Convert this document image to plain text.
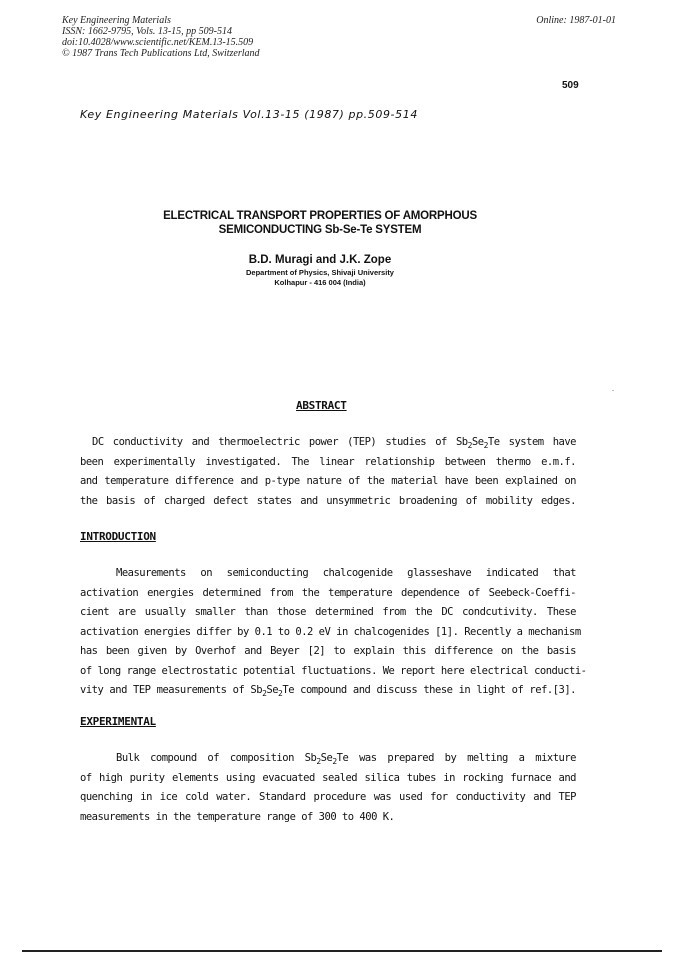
Key Engineering Materials
ISSN: 1662-9795, Vols. 13-15, pp 509-514
doi:10.4028/www.scientific.net/KEM.13-15.509
© 1987 Trans Tech Publications Ltd, Switzerland
Online: 1987-01-01
509
Key Engineering Materials Vol.13-15 (1987) pp.509-514
ELECTRICAL TRANSPORT PROPERTIES OF AMORPHOUS
SEMICONDUCTING Sb-Se-Te SYSTEM
B.D. Muragi and J.K. Zope
Department of Physics, Shivaji University
Kolhapur - 416 004 (India)
ABSTRACT
DC conductivity and thermoelectric power (TEP) studies of $Sb_2Se_2Te$ system have
been experimentally investigated. The linear relationship between thermo e.m.f.
and temperature difference and p-type nature of the material have been explained on
the basis of charged defect states and unsymmetric broadening of mobility edges.
INTRODUCTION
Measurements on semiconducting chalcogenide glasseshave indicated that
activation energies determined from the temperature dependence of Seebeck-Coeffi-
cient are usually smaller than those determined from the DC condcutivity. These
activation energies differ by 0.1 to 0.2 eV in chalcogenides [1]. Recently a mechanism
has been given by Overhof and Beyer [2] to explain this difference on the basis
of long range electrostatic potential fluctuations. We report here electrical conducti-
vity and TEP measurements of $Sb_2Se_2Te$ compound and discuss these in light of ref.[3].
EXPERIMENTAL
Bulk compound of composition $Sb_2Se_2Te$ was prepared by melting a mixture
of high purity elements using evacuated sealed silica tubes in rocking furnace and
quenching in ice cold water. Standard procedure was used for conductivity and TEP
measurements in the temperature range of 300 to 400 K.
